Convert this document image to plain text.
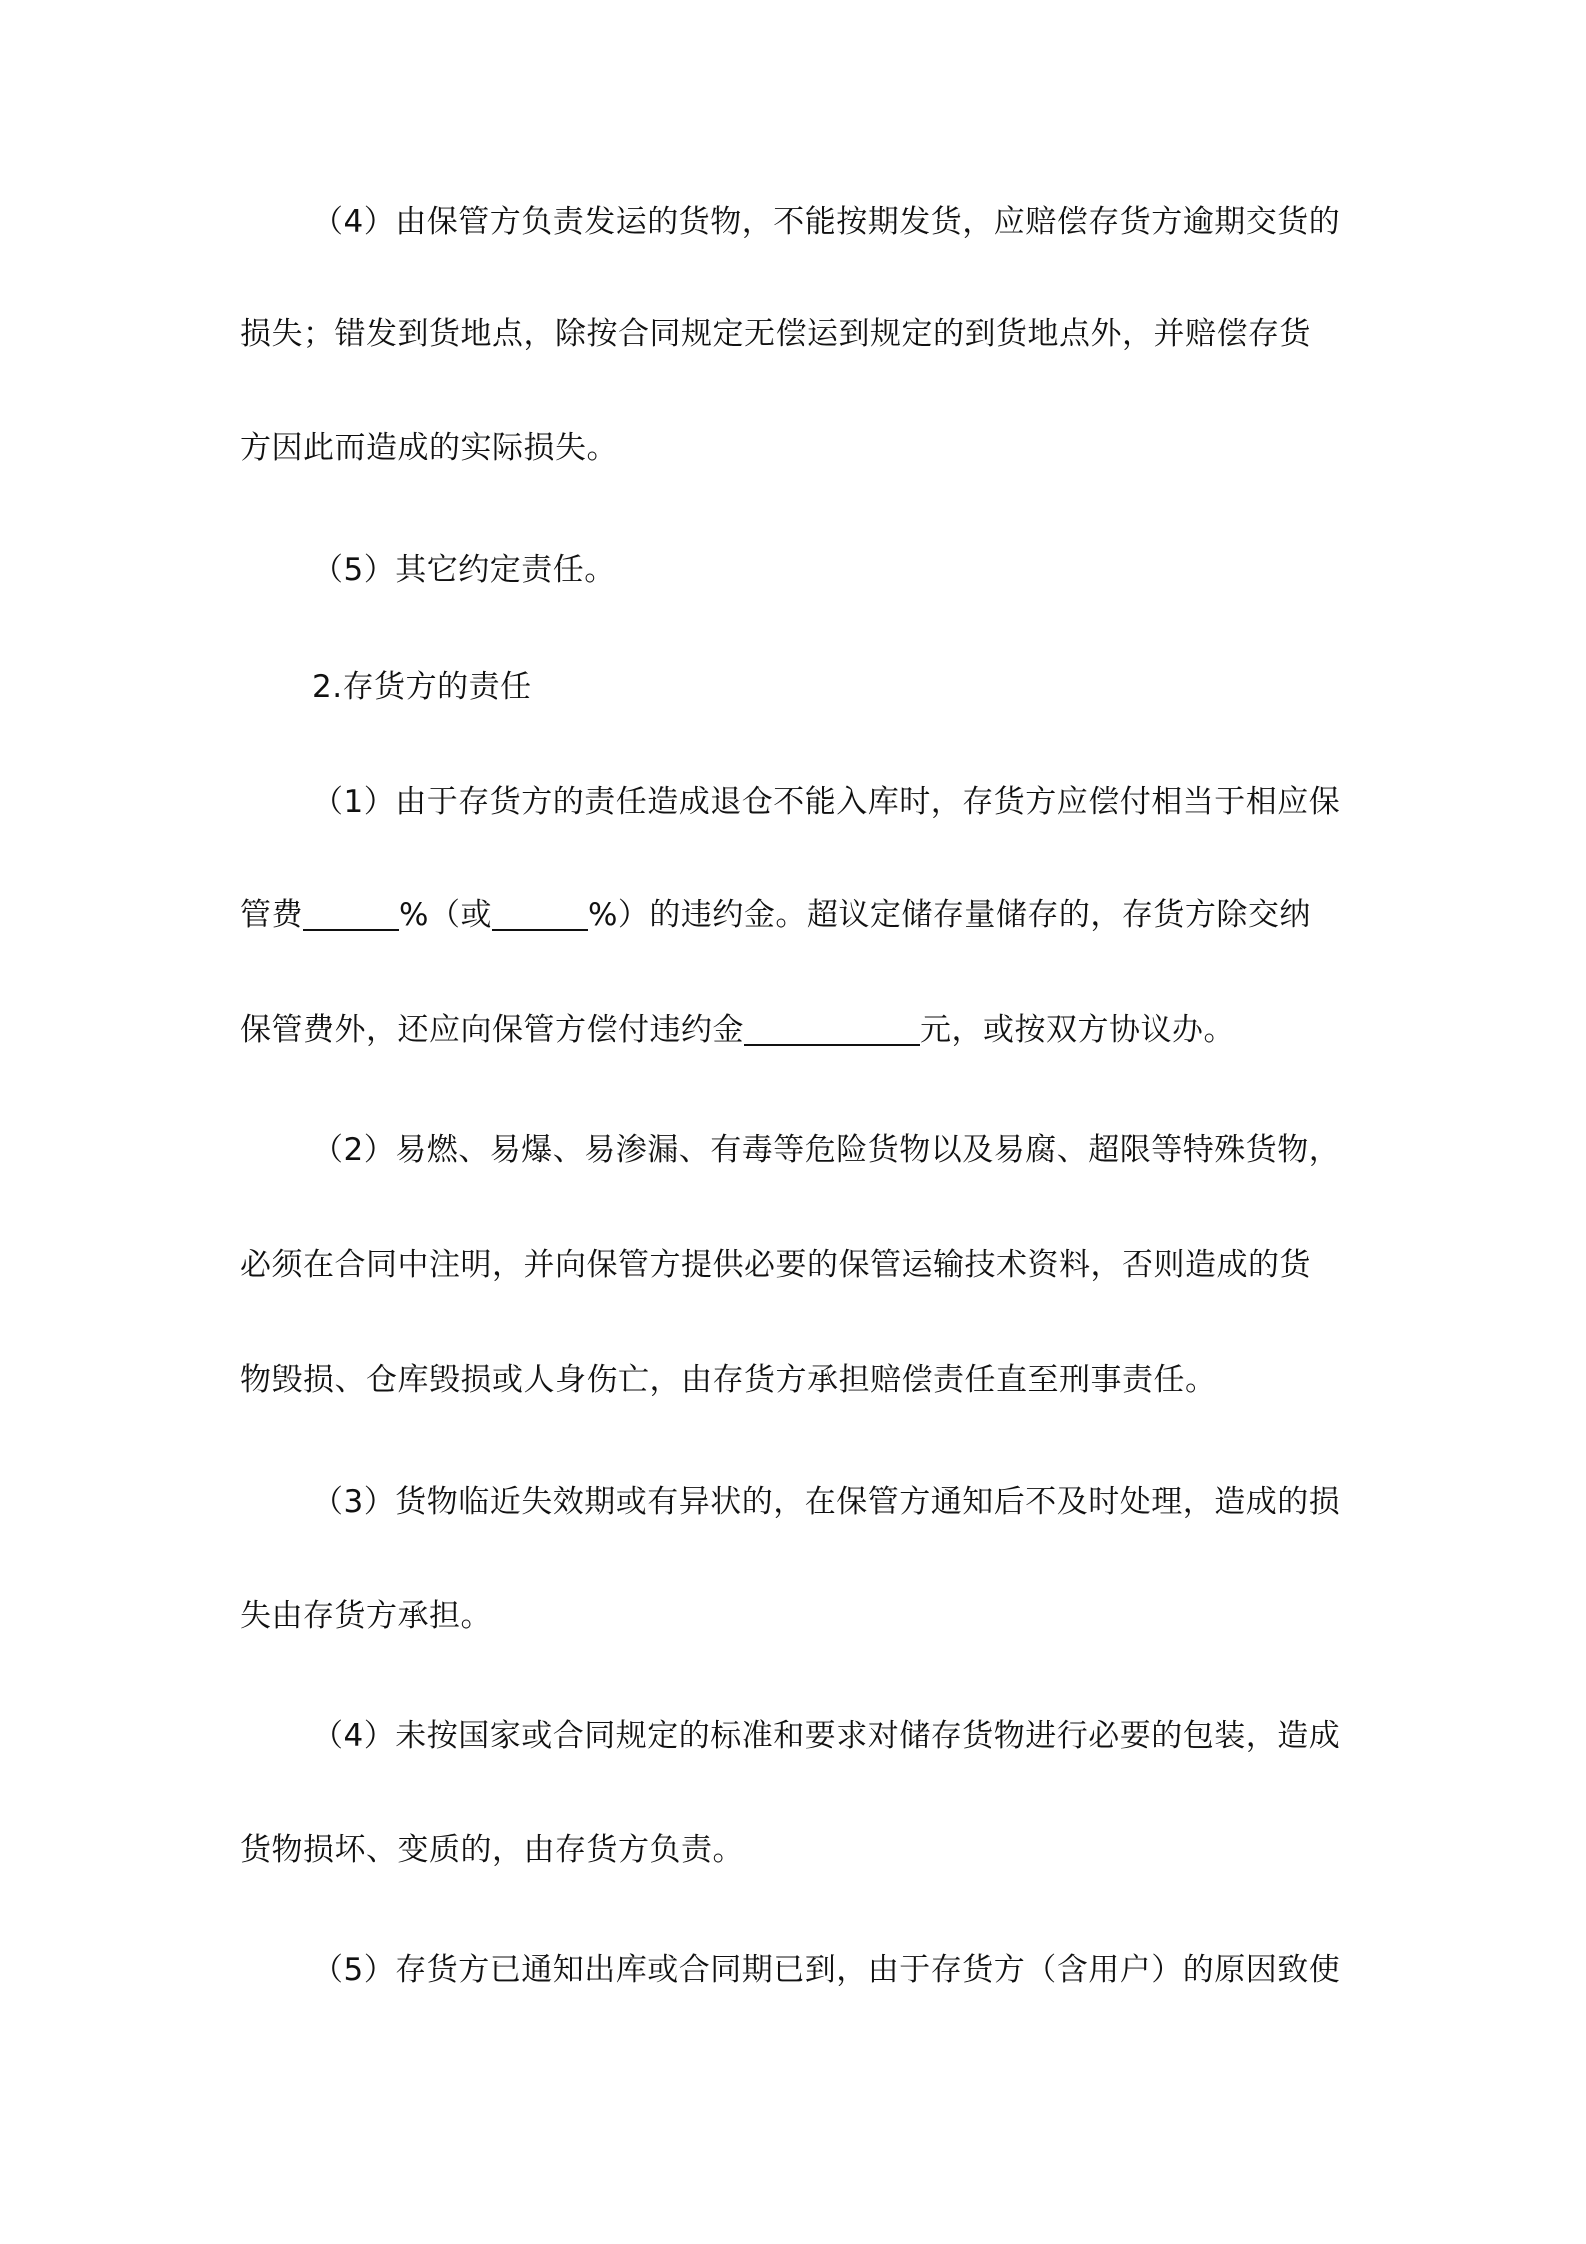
（4）由保管方负责发运的货物，不能按期发货，应赔偿存货方逾期交货的
损失；错发到货地点，除按合同规定无偿运到规定的到货地点外，并赔偿存货
方因此而造成的实际损失。
（5）其它约定责任。
2.存货方的责任
（1）由于存货方的责任造成退仓不能入库时，存货方应偿付相当于相应保
管费	%（或	%）的违约金。超议定储存量储存的，存货方除交纳
保管费外，还应向保管方偿付违约金	元，或按双方协议办。
（2）易燃、易爆、易渗漏、有毒等危险货物以及易腐、超限等特殊货物，
必须在合同中注明，并向保管方提供必要的保管运输技术资料，否则造成的货
物毁损、仓库毁损或人身伤亡，由存货方承担赔偿责任直至刑事责任。
（3）货物临近失效期或有异状的，在保管方通知后不及时处理，造成的损
失由存货方承担。
（4）未按国家或合同规定的标准和要求对储存货物进行必要的包装，造成
货物损坏、变质的，由存货方负责。
（5）存货方已通知出库或合同期已到，由于存货方（含用户）的原因致使
